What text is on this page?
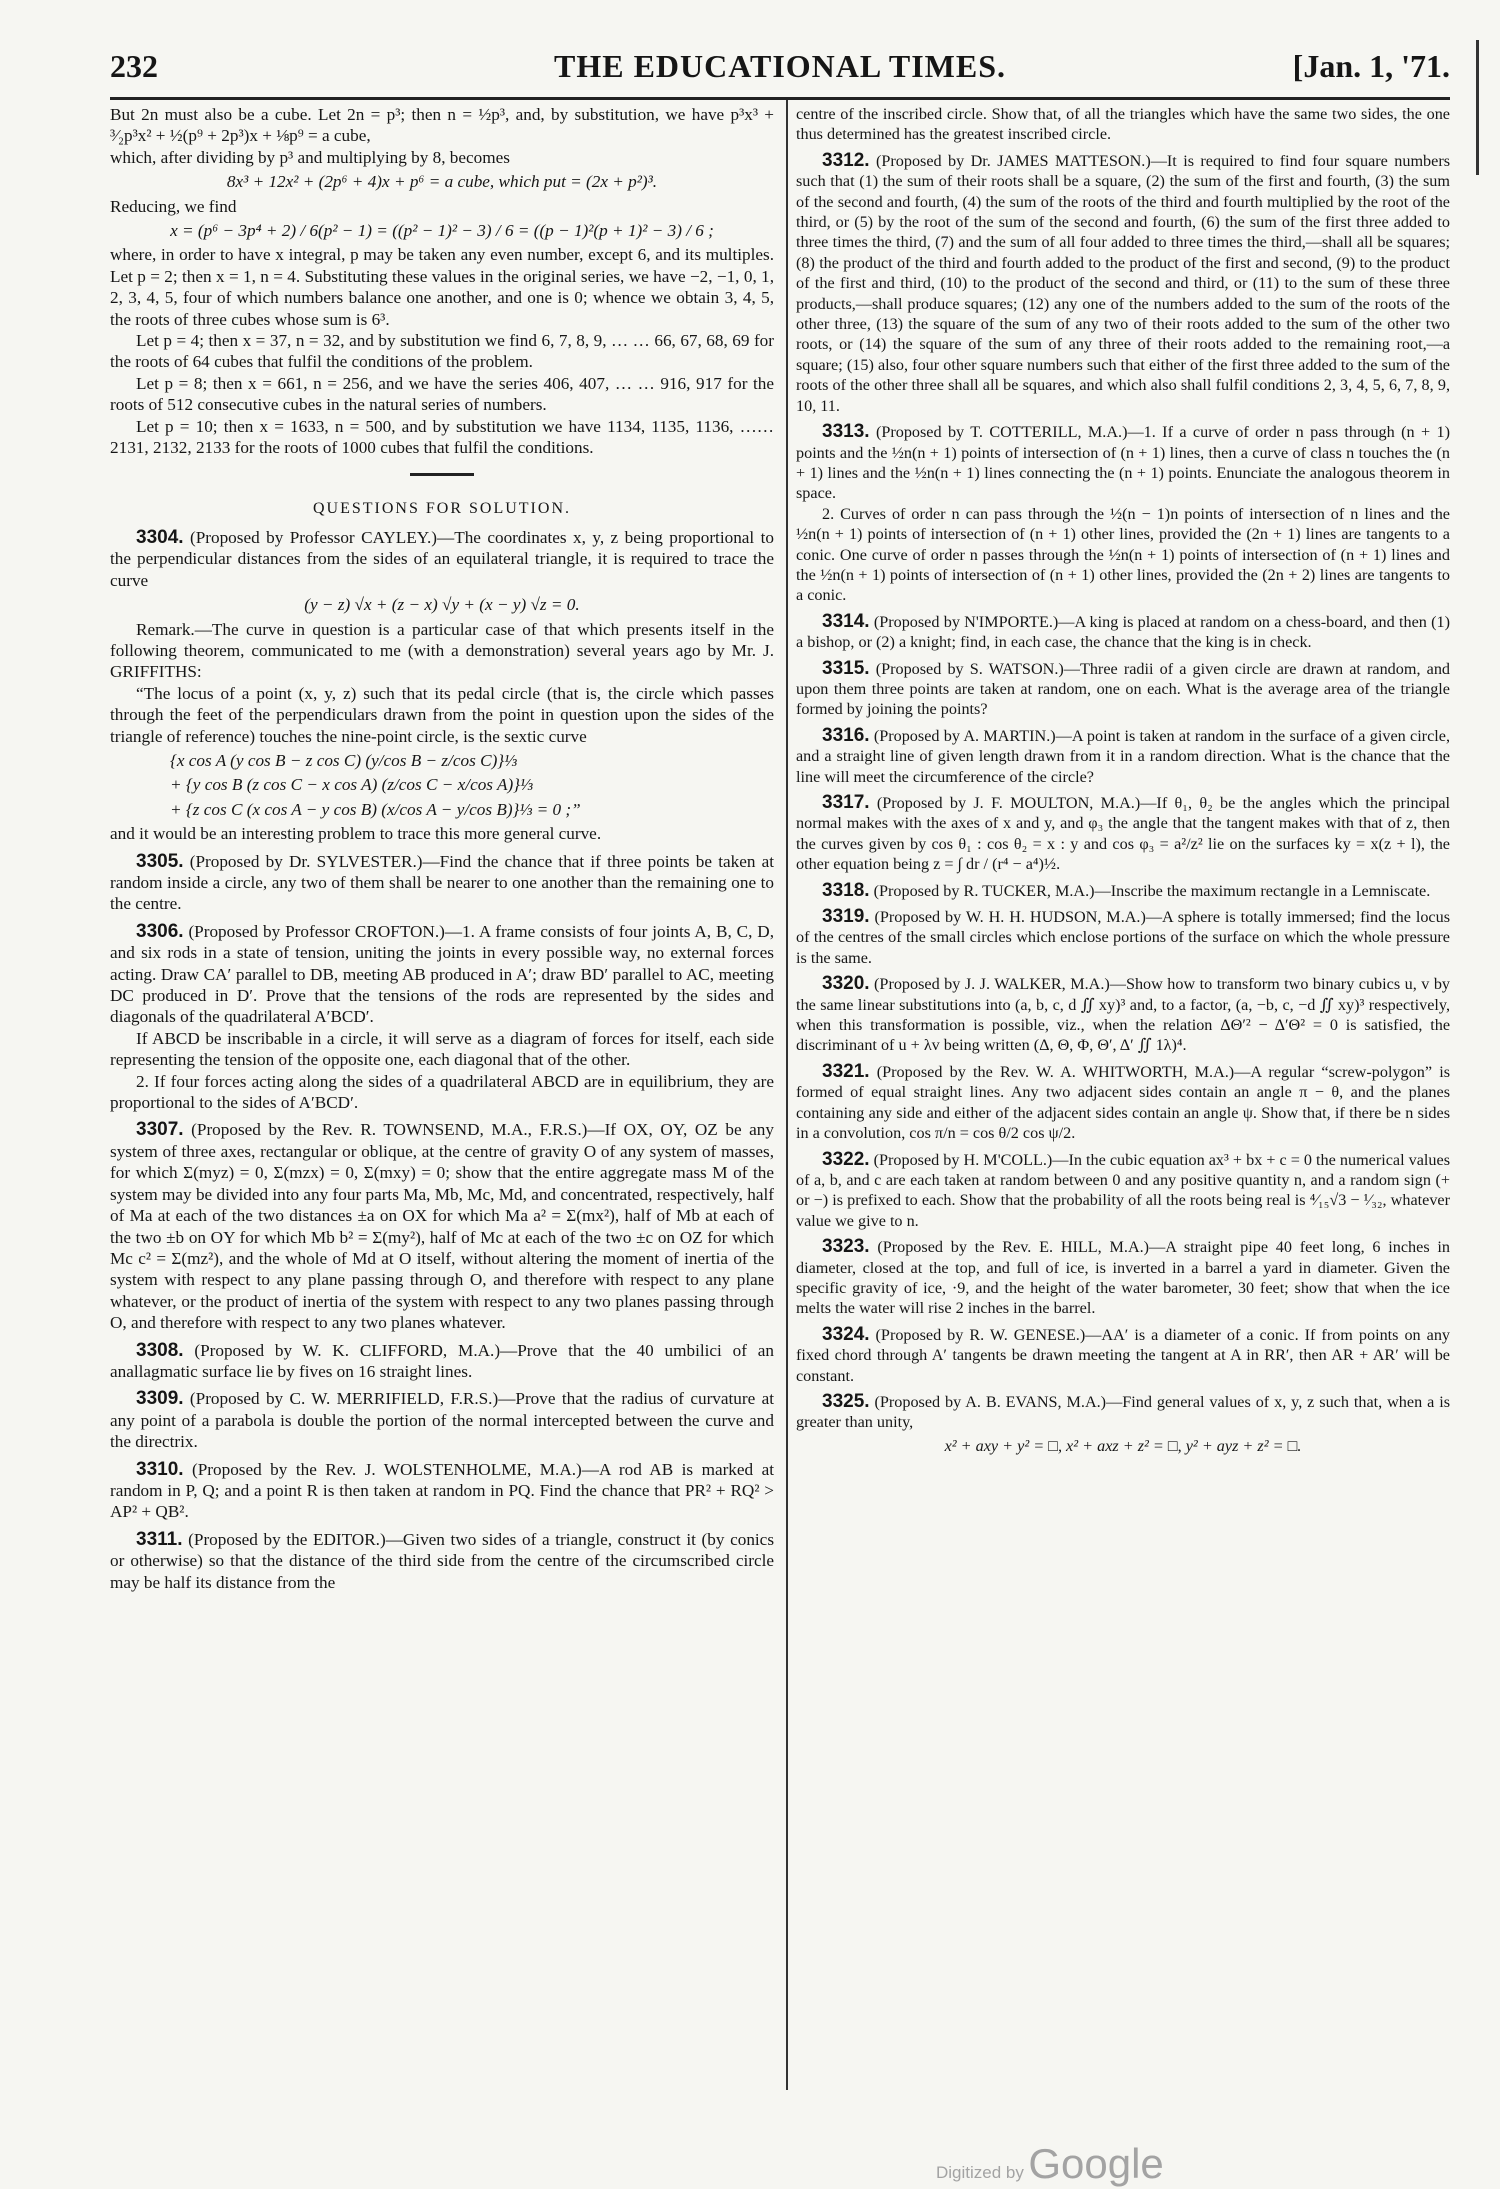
232	THE EDUCATIONAL TIMES.	[Jan. 1, '71.

But 2n must also be a cube. Let 2n = p³; then n = ½p³, and, by substitution, we have p³x³ + ³⁄₂p³x² + ½(p⁹ + 2p³)x + ⅛p⁹ = a cube,

which, after dividing by p³ and multiplying by 8, becomes

8x³ + 12x² + (2p⁶ + 4)x + p⁶ = a cube, which put = (2x + p²)³.

Reducing, we find

x = (p⁶ − 3p⁴ + 2) / 6(p² − 1) = ((p² − 1)² − 3) / 6 = ((p − 1)²(p + 1)² − 3) / 6 ;

where, in order to have x integral, p may be taken any even number, except 6, and its multiples. Let p = 2; then x = 1, n = 4. Substituting these values in the original series, we have −2, −1, 0, 1, 2, 3, 4, 5, four of which numbers balance one another, and one is 0; whence we obtain 3, 4, 5, the roots of three cubes whose sum is 6³.

Let p = 4; then x = 37, n = 32, and by substitution we find 6, 7, 8, 9, … … 66, 67, 68, 69 for the roots of 64 cubes that fulfil the conditions of the problem.

Let p = 8; then x = 661, n = 256, and we have the series 406, 407, … … 916, 917 for the roots of 512 consecutive cubes in the natural series of numbers.

Let p = 10; then x = 1633, n = 500, and by substitution we have 1134, 1135, 1136, …… 2131, 2132, 2133 for the roots of 1000 cubes that fulfil the conditions.

QUESTIONS FOR SOLUTION.

3304. (Proposed by Professor CAYLEY.)—The coordinates x, y, z being proportional to the perpendicular distances from the sides of an equilateral triangle, it is required to trace the curve

(y − z) √x + (z − x) √y + (x − y) √z = 0.

Remark.—The curve in question is a particular case of that which presents itself in the following theorem, communicated to me (with a demonstration) several years ago by Mr. J. GRIFFITHS:

“The locus of a point (x, y, z) such that its pedal circle (that is, the circle which passes through the feet of the perpendiculars drawn from the point in question upon the sides of the triangle of reference) touches the nine-point circle, is the sextic curve

{x cos A (y cos B − z cos C) (y/cos B − z/cos C)}⅓

+ {y cos B (z cos C − x cos A) (z/cos C − x/cos A)}⅓

+ {z cos C (x cos A − y cos B) (x/cos A − y/cos B)}⅓ = 0 ;”

and it would be an interesting problem to trace this more general curve.

3305. (Proposed by Dr. SYLVESTER.)—Find the chance that if three points be taken at random inside a circle, any two of them shall be nearer to one another than the remaining one to the centre.

3306. (Proposed by Professor CROFTON.)—1. A frame consists of four joints A, B, C, D, and six rods in a state of tension, uniting the joints in every possible way, no external forces acting. Draw CA′ parallel to DB, meeting AB produced in A′; draw BD′ parallel to AC, meeting DC produced in D′. Prove that the tensions of the rods are represented by the sides and diagonals of the quadrilateral A′BCD′.

If ABCD be inscribable in a circle, it will serve as a diagram of forces for itself, each side representing the tension of the opposite one, each diagonal that of the other.

2. If four forces acting along the sides of a quadrilateral ABCD are in equilibrium, they are proportional to the sides of A′BCD′.

3307. (Proposed by the Rev. R. TOWNSEND, M.A., F.R.S.)—If OX, OY, OZ be any system of three axes, rectangular or oblique, at the centre of gravity O of any system of masses, for which Σ(myz) = 0, Σ(mzx) = 0, Σ(mxy) = 0; show that the entire aggregate mass M of the system may be divided into any four parts Ma, Mb, Mc, Md, and concentrated, respectively, half of Ma at each of the two distances ±a on OX for which Ma a² = Σ(mx²), half of Mb at each of the two ±b on OY for which Mb b² = Σ(my²), half of Mc at each of the two ±c on OZ for which Mc c² = Σ(mz²), and the whole of Md at O itself, without altering the moment of inertia of the system with respect to any plane passing through O, and therefore with respect to any plane whatever, or the product of inertia of the system with respect to any two planes passing through O, and therefore with respect to any two planes whatever.

3308. (Proposed by W. K. CLIFFORD, M.A.)—Prove that the 40 umbilici of an anallagmatic surface lie by fives on 16 straight lines.

3309. (Proposed by C. W. MERRIFIELD, F.R.S.)—Prove that the radius of curvature at any point of a parabola is double the portion of the normal intercepted between the curve and the directrix.

3310. (Proposed by the Rev. J. WOLSTENHOLME, M.A.)—A rod AB is marked at random in P, Q; and a point R is then taken at random in PQ. Find the chance that PR² + RQ² > AP² + QB².

3311. (Proposed by the EDITOR.)—Given two sides of a triangle, construct it (by conics or otherwise) so that the distance of the third side from the centre of the circumscribed circle may be half its distance from the

centre of the inscribed circle. Show that, of all the triangles which have the same two sides, the one thus determined has the greatest inscribed circle.

3312. (Proposed by Dr. JAMES MATTESON.)—It is required to find four square numbers such that (1) the sum of their roots shall be a square, (2) the sum of the first and fourth, (3) the sum of the second and fourth, (4) the sum of the roots of the third and fourth multiplied by the root of the third, or (5) by the root of the sum of the second and fourth, (6) the sum of the first three added to three times the third, (7) and the sum of all four added to three times the third,—shall all be squares; (8) the product of the third and fourth added to the product of the first and second, (9) to the product of the first and third, (10) to the product of the second and third, or (11) to the sum of these three products,—shall produce squares; (12) any one of the numbers added to the sum of the roots of the other three, (13) the square of the sum of any two of their roots added to the sum of the other two roots, or (14) the square of the sum of any three of their roots added to the remaining root,—a square; (15) also, four other square numbers such that either of the first three added to the sum of the roots of the other three shall all be squares, and which also shall fulfil conditions 2, 3, 4, 5, 6, 7, 8, 9, 10, 11.

3313. (Proposed by T. COTTERILL, M.A.)—1. If a curve of order n pass through (n + 1) points and the ½n(n + 1) points of intersection of (n + 1) lines, then a curve of class n touches the (n + 1) lines and the ½n(n + 1) lines connecting the (n + 1) points. Enunciate the analogous theorem in space.

2. Curves of order n can pass through the ½(n − 1)n points of intersection of n lines and the ½n(n + 1) points of intersection of (n + 1) other lines, provided the (2n + 1) lines are tangents to a conic. One curve of order n passes through the ½n(n + 1) points of intersection of (n + 1) lines and the ½n(n + 1) points of intersection of (n + 1) other lines, provided the (2n + 2) lines are tangents to a conic.

3314. (Proposed by N'IMPORTE.)—A king is placed at random on a chess-board, and then (1) a bishop, or (2) a knight; find, in each case, the chance that the king is in check.

3315. (Proposed by S. WATSON.)—Three radii of a given circle are drawn at random, and upon them three points are taken at random, one on each. What is the average area of the triangle formed by joining the points?

3316. (Proposed by A. MARTIN.)—A point is taken at random in the surface of a given circle, and a straight line of given length drawn from it in a random direction. What is the chance that the line will meet the circumference of the circle?

3317. (Proposed by J. F. MOULTON, M.A.)—If θ₁, θ₂ be the angles which the principal normal makes with the axes of x and y, and φ₃ the angle that the tangent makes with that of z, then the curves given by cos θ₁ : cos θ₂ = x : y and cos φ₃ = a²/z² lie on the surfaces ky = x(z + l), the other equation being z = ∫ dr / (r⁴ − a⁴)½.

3318. (Proposed by R. TUCKER, M.A.)—Inscribe the maximum rectangle in a Lemniscate.

3319. (Proposed by W. H. H. HUDSON, M.A.)—A sphere is totally immersed; find the locus of the centres of the small circles which enclose portions of the surface on which the whole pressure is the same.

3320. (Proposed by J. J. WALKER, M.A.)—Show how to transform two binary cubics u, v by the same linear substitutions into (a, b, c, d ∬ xy)³ and, to a factor, (a, −b, c, −d ∬ xy)³ respectively, when this transformation is possible, viz., when the relation ΔΘ′² − Δ′Θ² = 0 is satisfied, the discriminant of u + λv being written (Δ, Θ, Φ, Θ′, Δ′ ∬ 1λ)⁴.

3321. (Proposed by the Rev. W. A. WHITWORTH, M.A.)—A regular “screw-polygon” is formed of equal straight lines. Any two adjacent sides contain an angle π − θ, and the planes containing any side and either of the adjacent sides contain an angle ψ. Show that, if there be n sides in a convolution, cos π/n = cos θ/2 cos ψ/2.

3322. (Proposed by H. M'COLL.)—In the cubic equation ax³ + bx + c = 0 the numerical values of a, b, and c are each taken at random between 0 and any positive quantity n, and a random sign (+ or −) is prefixed to each. Show that the probability of all the roots being real is ⁴⁄₁₅√3 − ¹⁄₃₂, whatever value we give to n.

3323. (Proposed by the Rev. E. HILL, M.A.)—A straight pipe 40 feet long, 6 inches in diameter, closed at the top, and full of ice, is inverted in a barrel a yard in diameter. Given the specific gravity of ice, ·9, and the height of the water barometer, 30 feet; show that when the ice melts the water will rise 2 inches in the barrel.

3324. (Proposed by R. W. GENESE.)—AA′ is a diameter of a conic. If from points on any fixed chord through A′ tangents be drawn meeting the tangent at A in RR′, then AR + AR′ will be constant.

3325. (Proposed by A. B. EVANS, M.A.)—Find general values of x, y, z such that, when a is greater than unity,

x² + axy + y² = □, x² + axz + z² = □, y² + ayz + z² = □.

Digitized by Google
